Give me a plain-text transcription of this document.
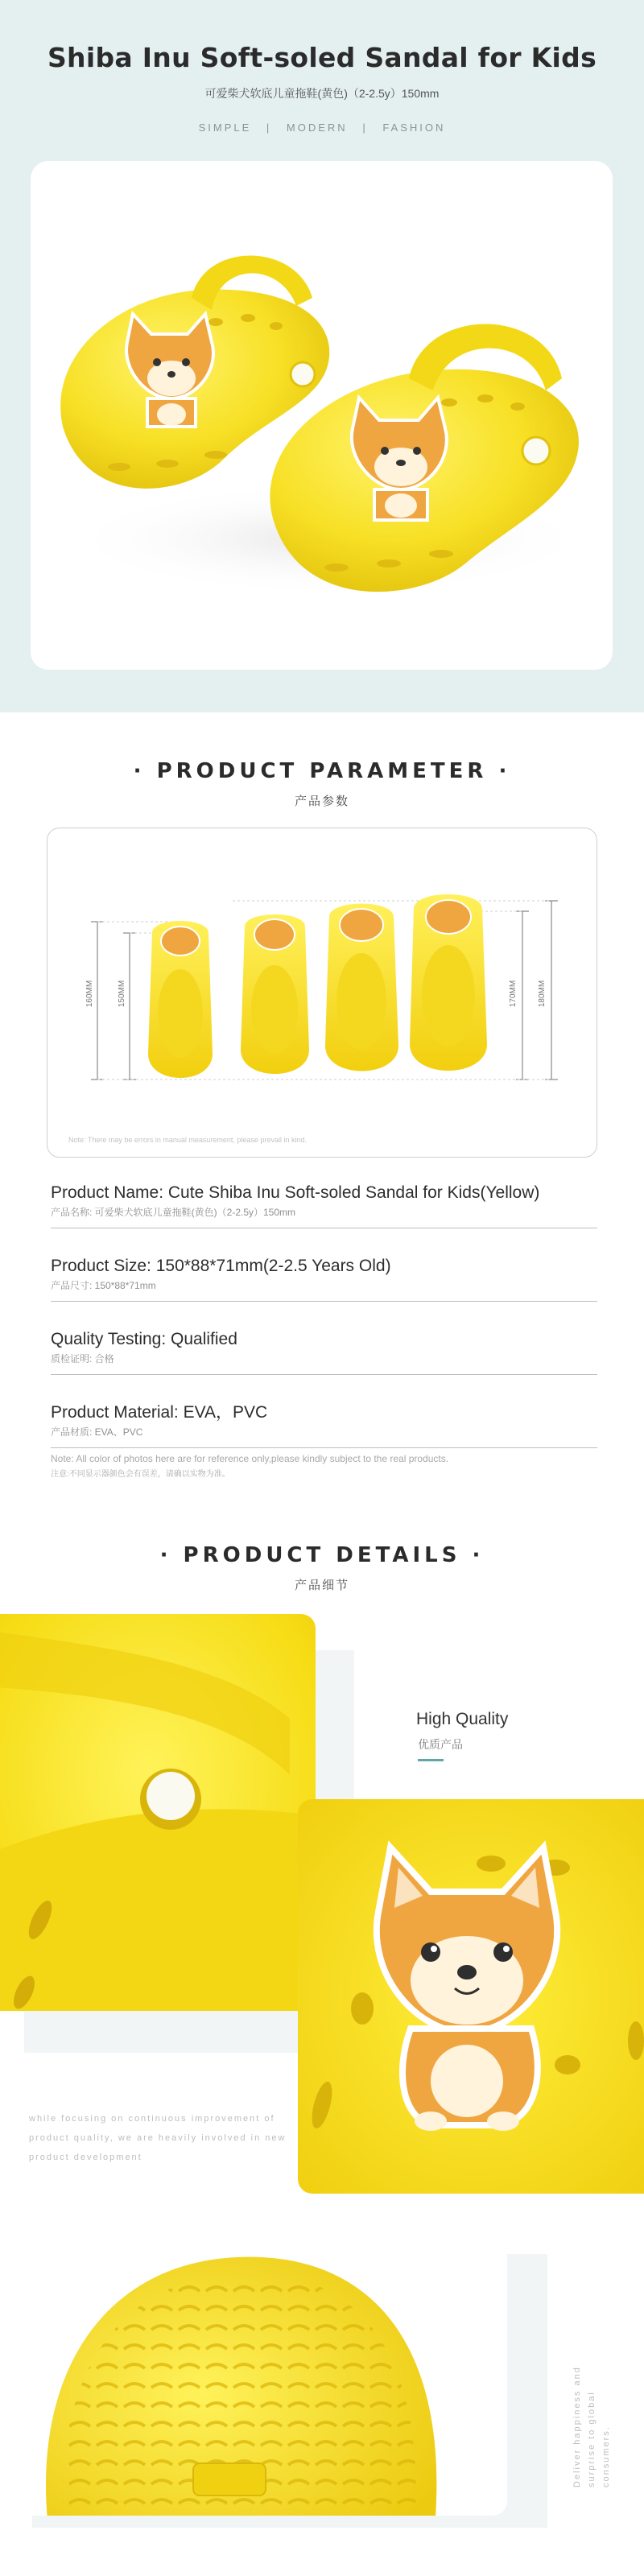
Shiba Inu Soft-soled Sandal for Kids
可爱柴犬软底儿童拖鞋(黄色)（2-2.5y）150mm
SIMPLE | MODERN | FASHION
· PRODUCT PARAMETER ·
产品参数
160MM	150MM	170MM	180MM
Note: There may be errors in manual measurement, please prevail in kind.
Product Name: Cute Shiba Inu Soft-soled Sandal for Kids(Yellow)
产品名称: 可爱柴犬软底儿童拖鞋(黄色)（2-2.5y）150mm
Product Size: 150*88*71mm(2-2.5 Years Old)
产品尺寸: 150*88*71mm
Quality Testing: Qualified
质检证明: 合格
Product Material: EVA，PVC
产品材质: EVA、PVC
Note: All color of photos here are for reference only,please kindly subject to the real products.
注意:不同显示器颜色会有误差，请确以实物为准。
· PRODUCT DETAILS ·
产品细节
High Quality
优质产品
while focusing on continuous improvement of product quality, we are heavily involved in new product development
Deliver happiness and surprise to global consumers.
